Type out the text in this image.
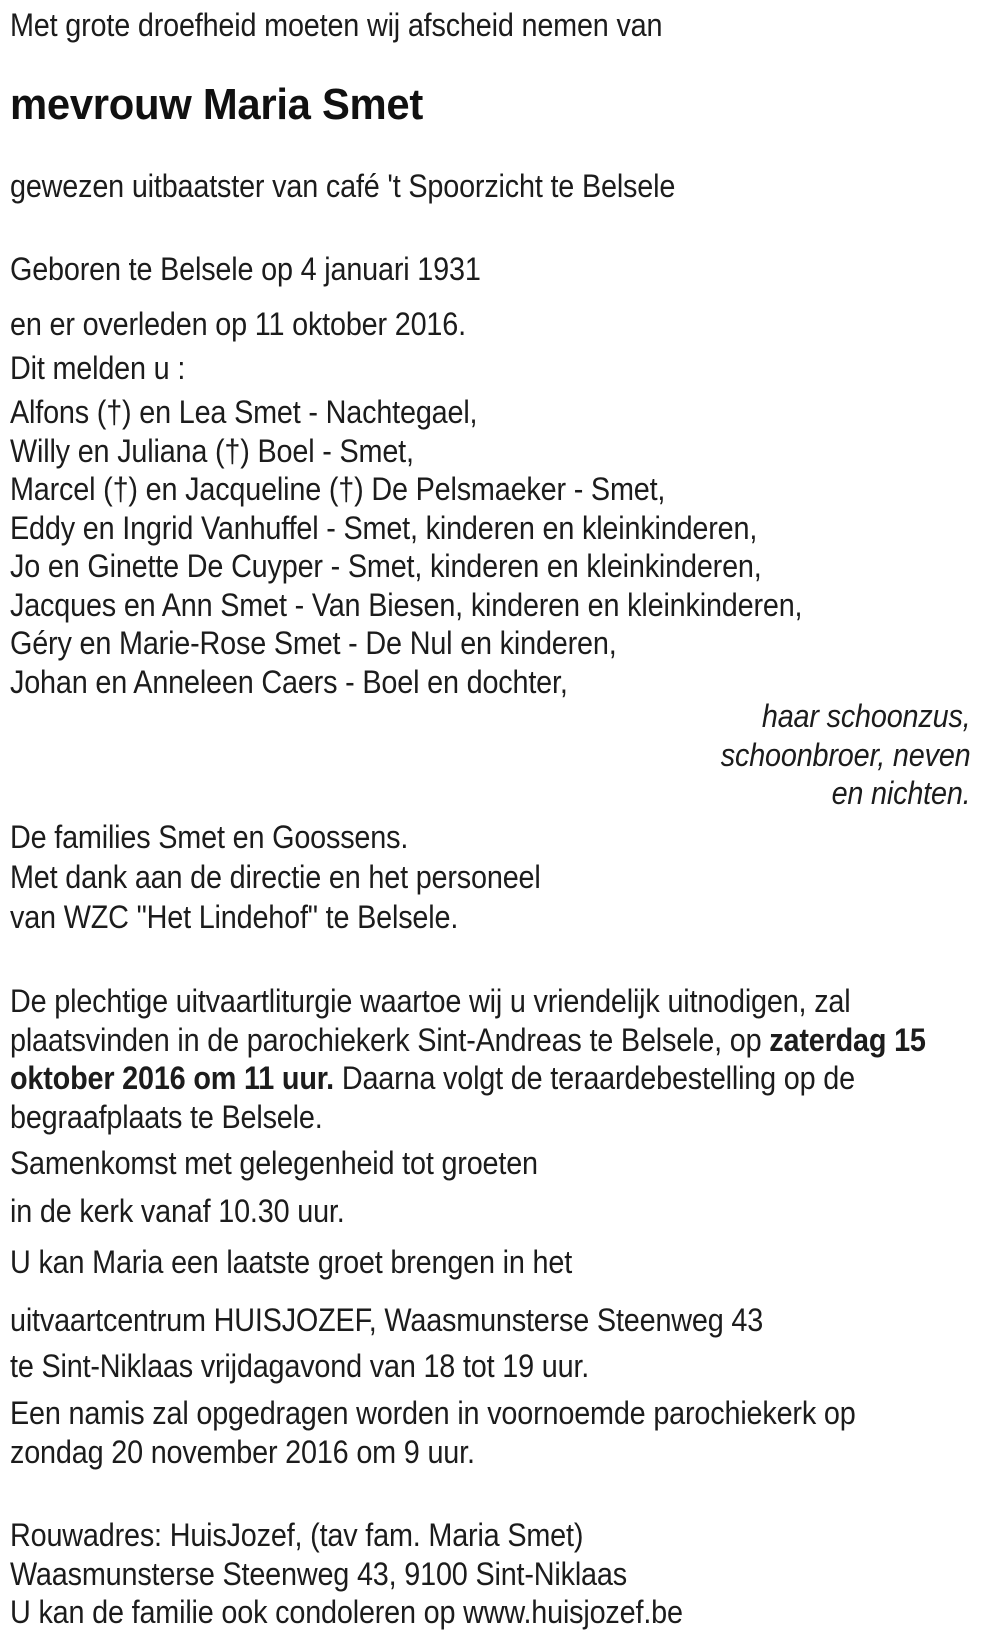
Met grote droefheid moeten wij afscheid nemen van
mevrouw Maria Smet
gewezen uitbaatster van café 't Spoorzicht te Belsele
Geboren te Belsele op 4 januari 1931
en er overleden op 11 oktober 2016.
Dit melden u :
Alfons (†) en Lea Smet - Nachtegael,
Willy en Juliana (†) Boel - Smet,
Marcel (†) en Jacqueline (†) De Pelsmaeker - Smet,
Eddy en Ingrid Vanhuffel - Smet, kinderen en kleinkinderen,
Jo en Ginette De Cuyper - Smet, kinderen en kleinkinderen,
Jacques en Ann Smet - Van Biesen, kinderen en kleinkinderen,
Géry en Marie-Rose Smet - De Nul en kinderen,
Johan en Anneleen Caers - Boel en dochter,
haar schoonzus,
schoonbroer, neven
en nichten.
De families Smet en Goossens.
Met dank aan de directie en het personeel
van WZC "Het Lindehof" te Belsele.
De plechtige uitvaartliturgie waartoe wij u vriendelijk uitnodigen, zal
plaatsvinden in de parochiekerk Sint-Andreas te Belsele, op zaterdag 15
oktober 2016 om 11 uur. Daarna volgt de teraardebestelling op de
begraafplaats te Belsele.
Samenkomst met gelegenheid tot groeten
in de kerk vanaf 10.30 uur.
U kan Maria een laatste groet brengen in het
uitvaartcentrum HUISJOZEF, Waasmunsterse Steenweg 43
te Sint-Niklaas vrijdagavond van 18 tot 19 uur.
Een namis zal opgedragen worden in voornoemde parochiekerk op
zondag 20 november 2016 om 9 uur.
Rouwadres: HuisJozef, (tav fam. Maria Smet)
Waasmunsterse Steenweg 43, 9100 Sint-Niklaas
U kan de familie ook condoleren op www.huisjozef.be
